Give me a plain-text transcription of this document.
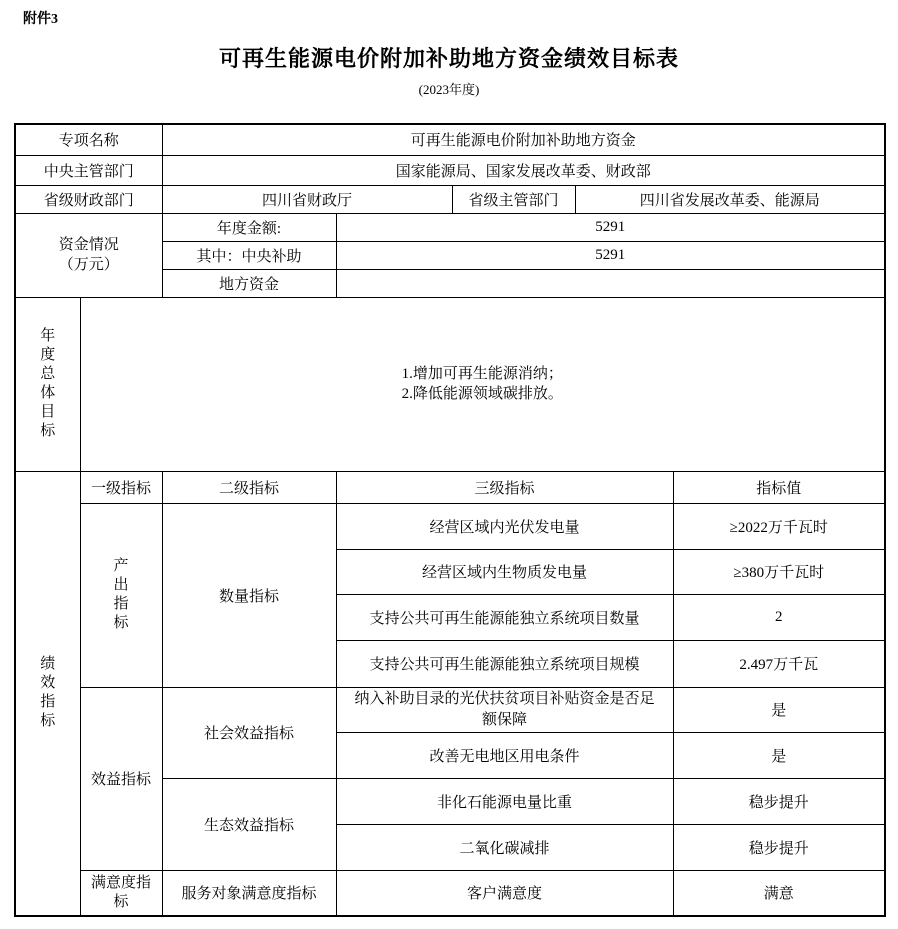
附件3
可再生能源电价附加补助地方资金绩效目标表
(2023年度)
专项名称		可再生能源电价附加补助地方资金				
中央主管部门		国家能源局、国家发展改革委、财政部				
省级财政部门		四川省财政厅		省级主管部门	四川省发展改革委、能源局	

资金情况
（万元）		年度金额:	5291			
		其中：中央补助	5291			
		地方资金				
年度总体目标	1.增加可再生能源消纳；
2.降低能源领域碳排放。					

绩效指标	一级指标	二级指标	三级指标			指标值
	产出指标	数量指标	经营区域内光伏发电量			≥2022万千瓦时
			经营区域内生物质发电量			≥380万千瓦时
			支持公共可再生能源能独立系统项目数量			2
			支持公共可再生能源能独立系统项目规模			2.497万千瓦
	效益指标	社会效益指标	纳入补助目录的光伏扶贫项目补贴资金是否足额保障			是
			改善无电地区用电条件			是
		生态效益指标	非化石能源电量比重			稳步提升
			二氧化碳减排			稳步提升
	满意度指标	服务对象满意度指标	客户满意度			满意
